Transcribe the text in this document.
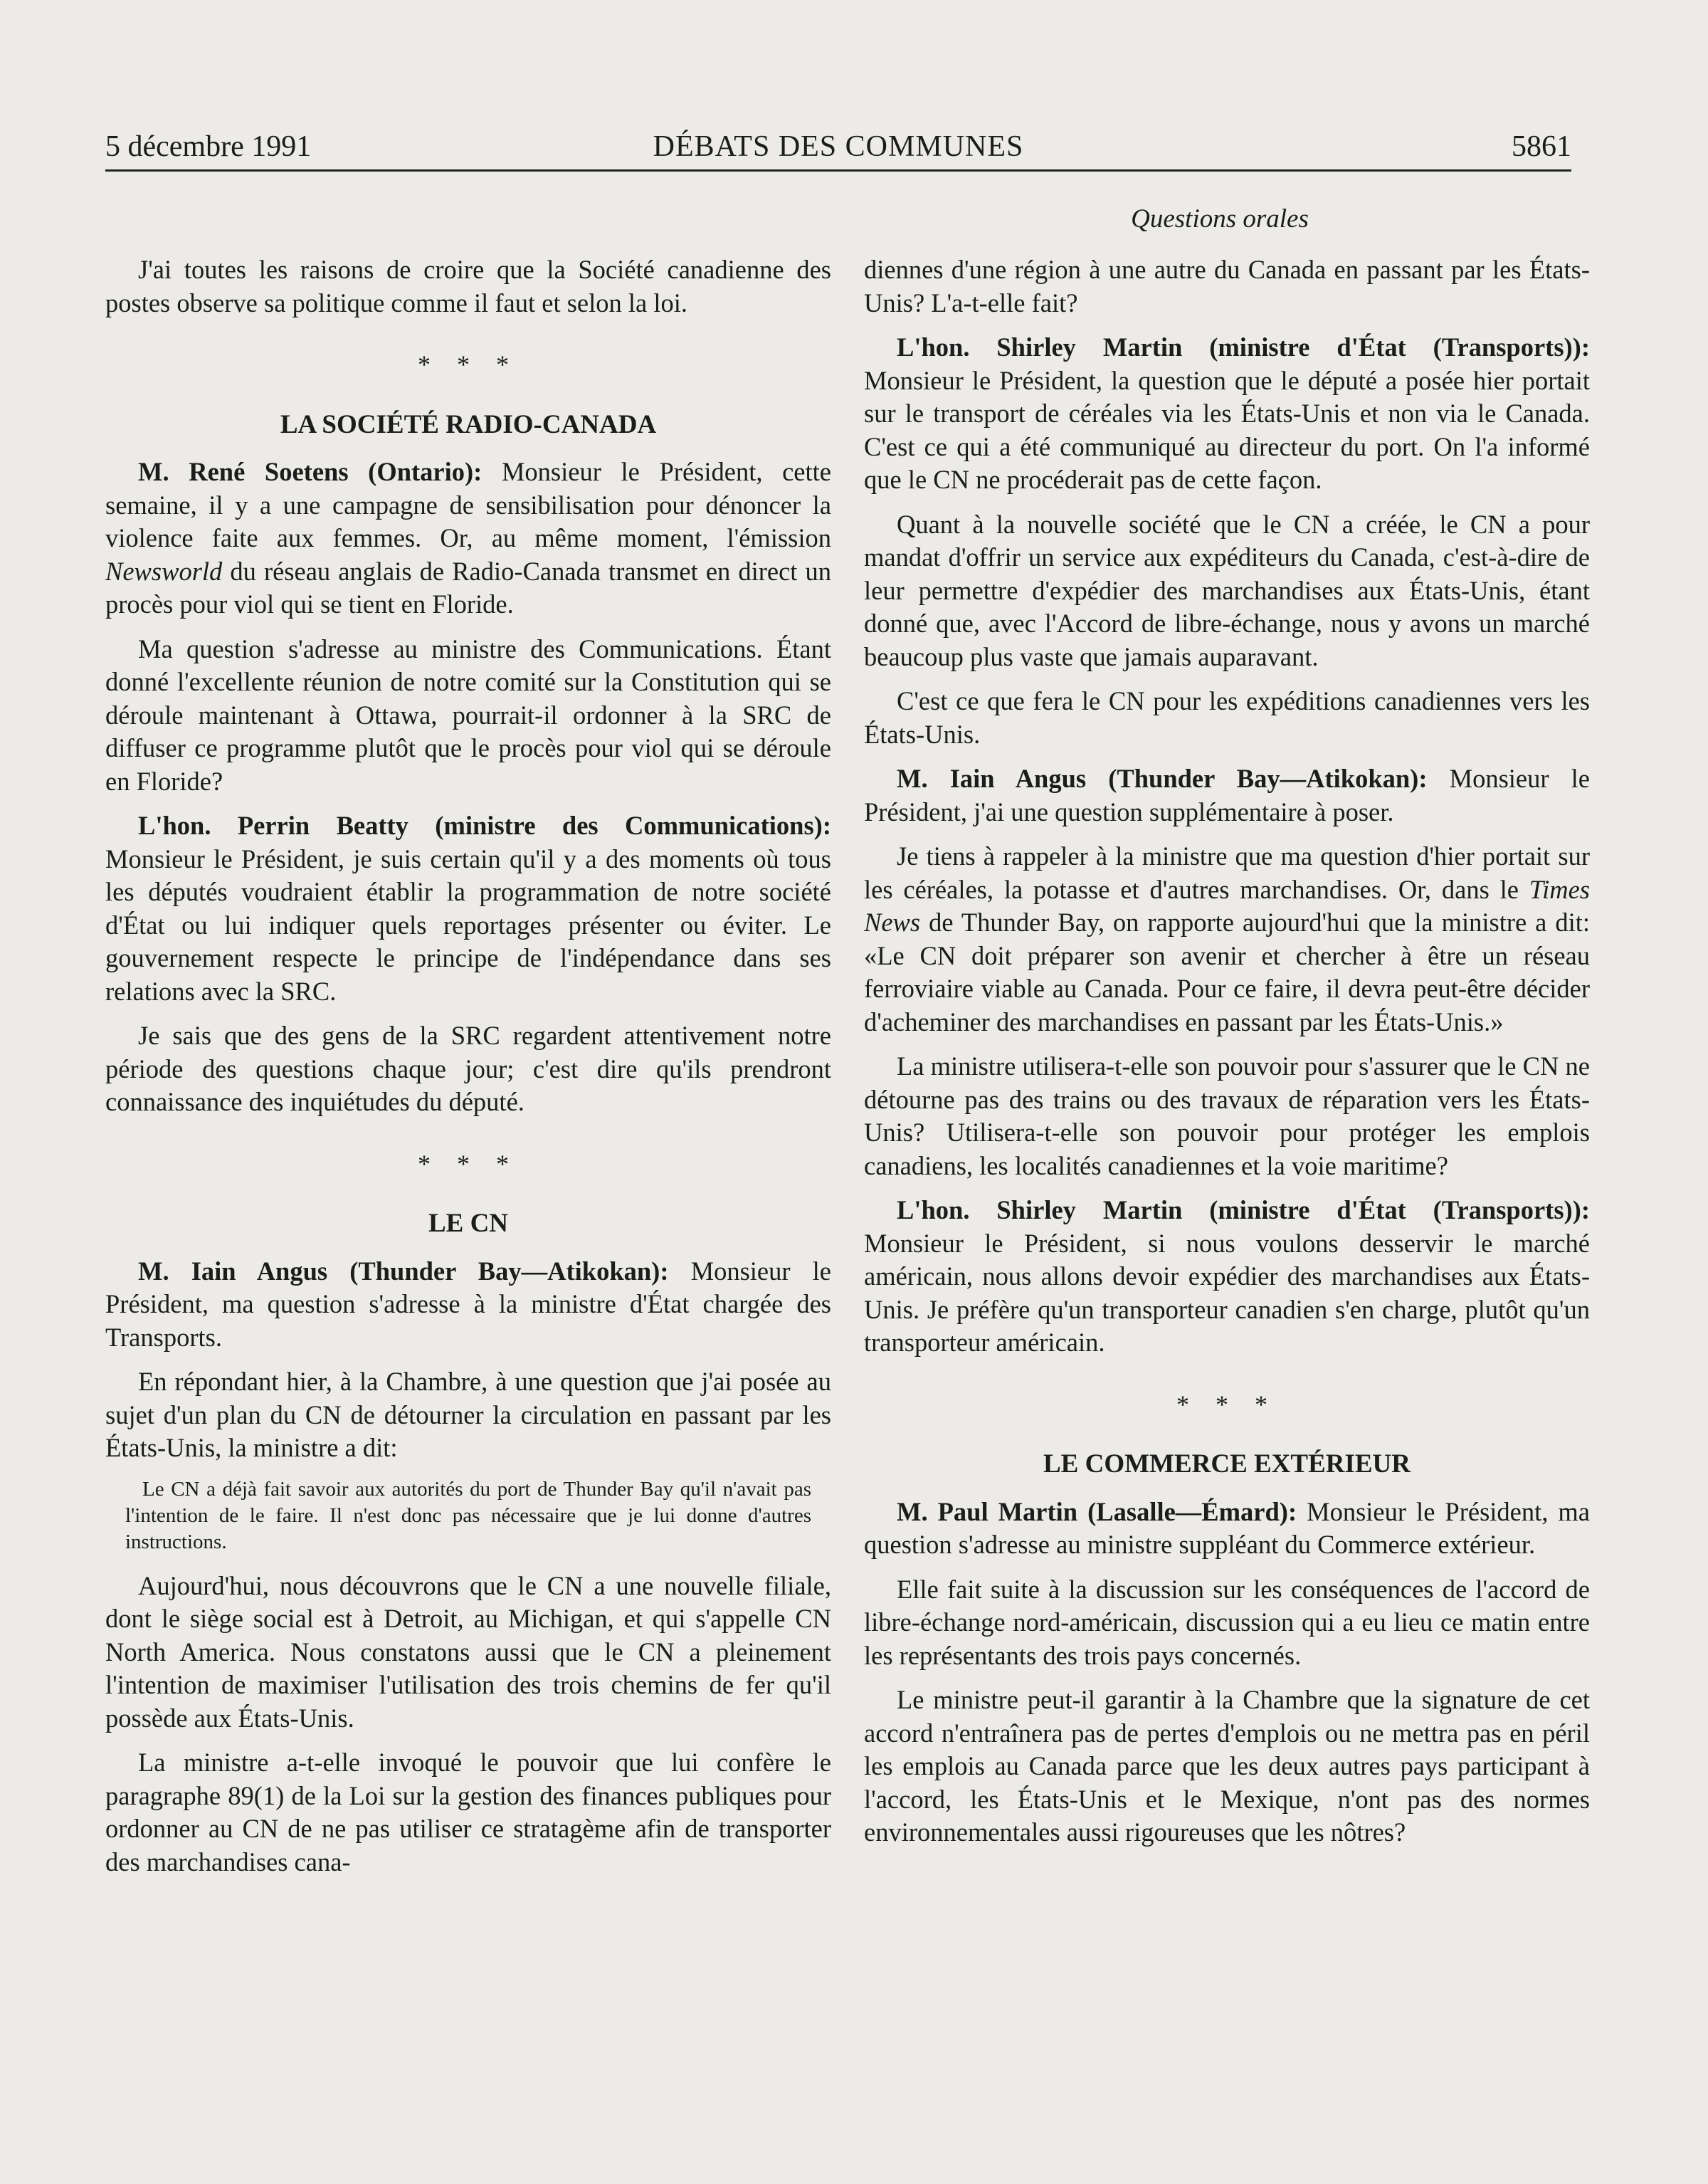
5 décembre 1991	DÉBATS DES COMMUNES	5861
Questions orales

J'ai toutes les raisons de croire que la Société canadienne des postes observe sa politique comme il faut et selon la loi.

* * *
LA SOCIÉTÉ RADIO-CANADA

M. René Soetens (Ontario): Monsieur le Président, cette semaine, il y a une campagne de sensibilisation pour dénoncer la violence faite aux femmes. Or, au même moment, l'émission Newsworld du réseau anglais de Radio-Canada transmet en direct un procès pour viol qui se tient en Floride.

Ma question s'adresse au ministre des Communications. Étant donné l'excellente réunion de notre comité sur la Constitution qui se déroule maintenant à Ottawa, pourrait-il ordonner à la SRC de diffuser ce programme plutôt que le procès pour viol qui se déroule en Floride?

L'hon. Perrin Beatty (ministre des Communications): Monsieur le Président, je suis certain qu'il y a des moments où tous les députés voudraient établir la programmation de notre société d'État ou lui indiquer quels reportages présenter ou éviter. Le gouvernement respecte le principe de l'indépendance dans ses relations avec la SRC.

Je sais que des gens de la SRC regardent attentivement notre période des questions chaque jour; c'est dire qu'ils prendront connaissance des inquiétudes du député.

* * *
LE CN

M. Iain Angus (Thunder Bay—Atikokan): Monsieur le Président, ma question s'adresse à la ministre d'État chargée des Transports.

En répondant hier, à la Chambre, à une question que j'ai posée au sujet d'un plan du CN de détourner la circulation en passant par les États-Unis, la ministre a dit:

Le CN a déjà fait savoir aux autorités du port de Thunder Bay qu'il n'avait pas l'intention de le faire. Il n'est donc pas nécessaire que je lui donne d'autres instructions.

Aujourd'hui, nous découvrons que le CN a une nouvelle filiale, dont le siège social est à Detroit, au Michigan, et qui s'appelle CN North America. Nous constatons aussi que le CN a pleinement l'intention de maximiser l'utilisation des trois chemins de fer qu'il possède aux États-Unis.

La ministre a-t-elle invoqué le pouvoir que lui confère le paragraphe 89(1) de la Loi sur la gestion des finances publiques pour ordonner au CN de ne pas utiliser ce stratagème afin de transporter des marchandises cana-

diennes d'une région à une autre du Canada en passant par les États-Unis? L'a-t-elle fait?

L'hon. Shirley Martin (ministre d'État (Transports)): Monsieur le Président, la question que le député a posée hier portait sur le transport de céréales via les États-Unis et non via le Canada. C'est ce qui a été communiqué au directeur du port. On l'a informé que le CN ne procéderait pas de cette façon.

Quant à la nouvelle société que le CN a créée, le CN a pour mandat d'offrir un service aux expéditeurs du Canada, c'est-à-dire de leur permettre d'expédier des marchandises aux États-Unis, étant donné que, avec l'Accord de libre-échange, nous y avons un marché beaucoup plus vaste que jamais auparavant.

C'est ce que fera le CN pour les expéditions canadiennes vers les États-Unis.

M. Iain Angus (Thunder Bay—Atikokan): Monsieur le Président, j'ai une question supplémentaire à poser.

Je tiens à rappeler à la ministre que ma question d'hier portait sur les céréales, la potasse et d'autres marchandises. Or, dans le Times News de Thunder Bay, on rapporte aujourd'hui que la ministre a dit: «Le CN doit préparer son avenir et chercher à être un réseau ferroviaire viable au Canada. Pour ce faire, il devra peut-être décider d'acheminer des marchandises en passant par les États-Unis.»

La ministre utilisera-t-elle son pouvoir pour s'assurer que le CN ne détourne pas des trains ou des travaux de réparation vers les États-Unis? Utilisera-t-elle son pouvoir pour protéger les emplois canadiens, les localités canadiennes et la voie maritime?

L'hon. Shirley Martin (ministre d'État (Transports)): Monsieur le Président, si nous voulons desservir le marché américain, nous allons devoir expédier des marchandises aux États-Unis. Je préfère qu'un transporteur canadien s'en charge, plutôt qu'un transporteur américain.

* * *
LE COMMERCE EXTÉRIEUR

M. Paul Martin (Lasalle—Émard): Monsieur le Président, ma question s'adresse au ministre suppléant du Commerce extérieur.

Elle fait suite à la discussion sur les conséquences de l'accord de libre-échange nord-américain, discussion qui a eu lieu ce matin entre les représentants des trois pays concernés.

Le ministre peut-il garantir à la Chambre que la signature de cet accord n'entraînera pas de pertes d'emplois ou ne mettra pas en péril les emplois au Canada parce que les deux autres pays participant à l'accord, les États-Unis et le Mexique, n'ont pas des normes environnementales aussi rigoureuses que les nôtres?
